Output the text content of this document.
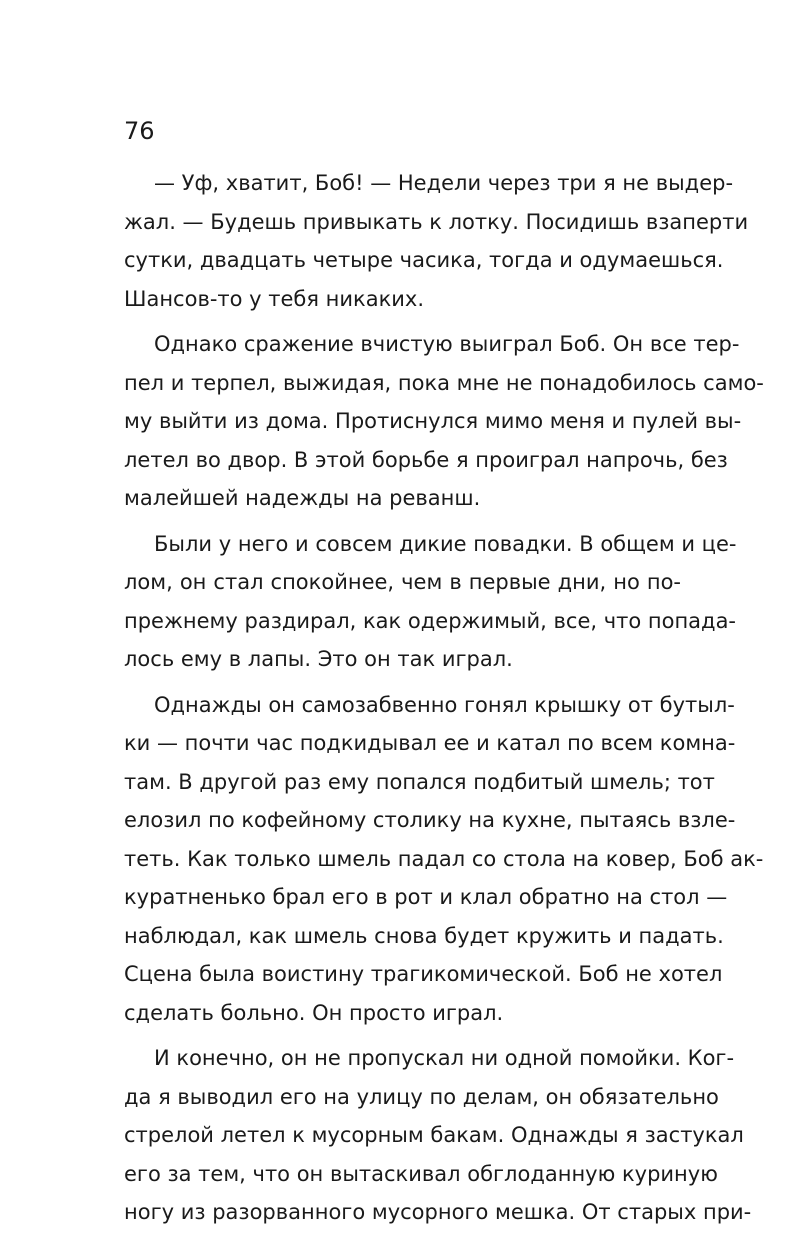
76
— Уф, хватит, Боб! — Недели через три я не выдер-
жал. — Будешь привыкать к лотку. Посидишь взаперти
сутки, двадцать четыре часика, тогда и одумаешься.
Шансов-то у тебя никаких.
Однако сражение вчистую выиграл Боб. Он все тер-
пел и терпел, выжидая, пока мне не понадобилось само-
му выйти из дома. Протиснулся мимо меня и пулей вы-
летел во двор. В этой борьбе я проиграл напрочь, без
малейшей надежды на реванш.
Были у него и совсем дикие повадки. В общем и це-
лом, он стал спокойнее, чем в первые дни, но по-
прежнему раздирал, как одержимый, все, что попада-
лось ему в лапы. Это он так играл.
Однажды он самозабвенно гонял крышку от бутыл-
ки — почти час подкидывал ее и катал по всем комна-
там. В другой раз ему попался подбитый шмель; тот
елозил по кофейному столику на кухне, пытаясь взле-
теть. Как только шмель падал со стола на ковер, Боб ак-
куратненько брал его в рот и клал обратно на стол —
наблюдал, как шмель снова будет кружить и падать.
Сцена была воистину трагикомической. Боб не хотел
сделать больно. Он просто играл.
И конечно, он не пропускал ни одной помойки. Ког-
да я выводил его на улицу по делам, он обязательно
стрелой летел к мусорным бакам. Однажды я застукал
его за тем, что он вытаскивал обглоданную куриную
ногу из разорванного мусорного мешка. От старых при-
